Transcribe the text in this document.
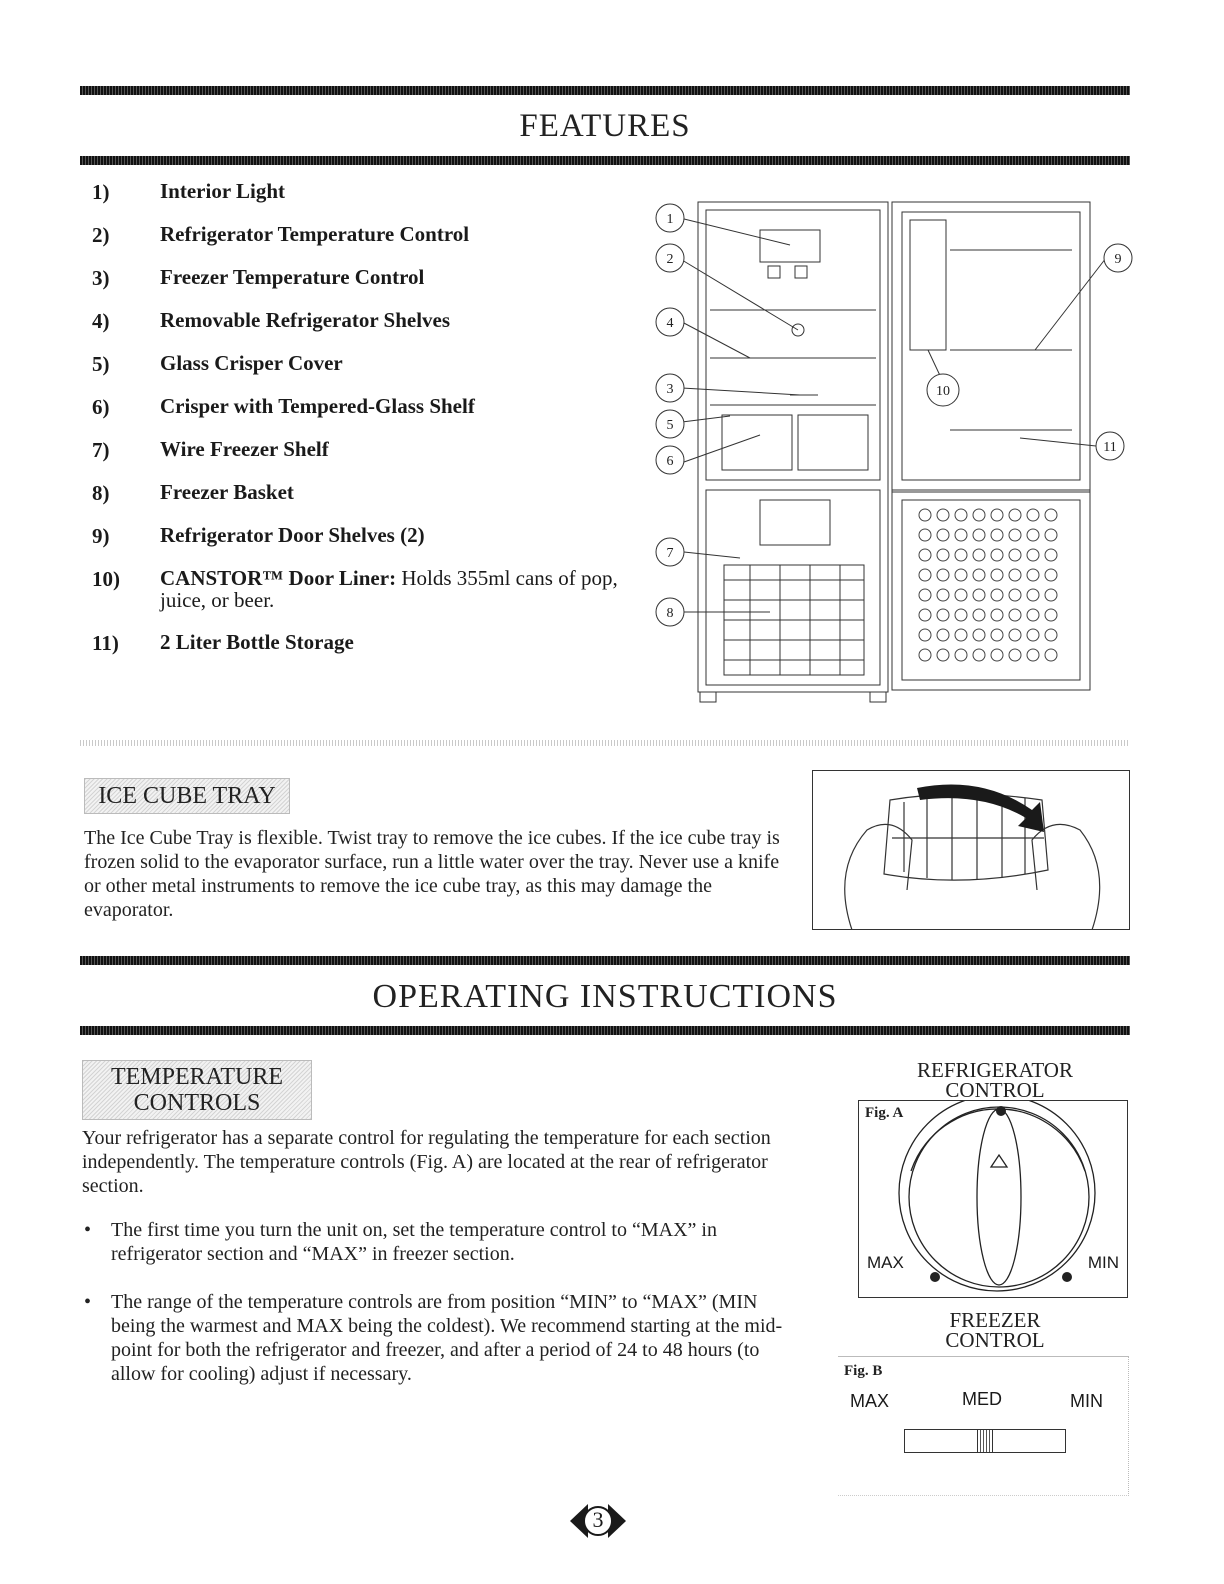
FEATURES
1)	Interior Light
2)	Refrigerator Temperature Control
3)	Freezer Temperature Control
4)	Removable Refrigerator Shelves
5)	Glass Crisper Cover
6)	Crisper with Tempered-Glass Shelf
7)	Wire Freezer Shelf
8)	Freezer Basket
9)	Refrigerator Door Shelves (2)
10)	CANSTOR™ Door Liner: Holds 355ml cans of pop, juice, or beer.
11)	2 Liter Bottle Storage
1
2
4
3
5
6
7
8
9
10
11
ICE CUBE TRAY
The Ice Cube Tray is flexible. Twist tray to remove the ice cubes. If the ice cube tray is frozen solid to the evaporator surface, run a little water over the tray. Never use a knife or other metal instruments to remove the ice cube tray, as this may damage the evaporator.
OPERATING INSTRUCTIONS
TEMPERATURE
CONTROLS
Your refrigerator has a separate control for regulating the temperature for each section independently. The temperature controls (Fig. A) are located at the rear of refrigerator section.
• The first time you turn the unit on, set the temperature control to “MAX” in refrigerator section and “MAX” in freezer section.
• The range of the temperature controls are from position “MIN” to “MAX” (MIN being the warmest and MAX being the coldest). We recommend starting at the mid-point for both the refrigerator and freezer, and after a period of 24 to 48 hours (to allow for cooling) adjust if necessary.
REFRIGERATOR
CONTROL
Fig. A
MAX	MIN
FREEZER
CONTROL
Fig. B
MAX	MED	MIN
3
